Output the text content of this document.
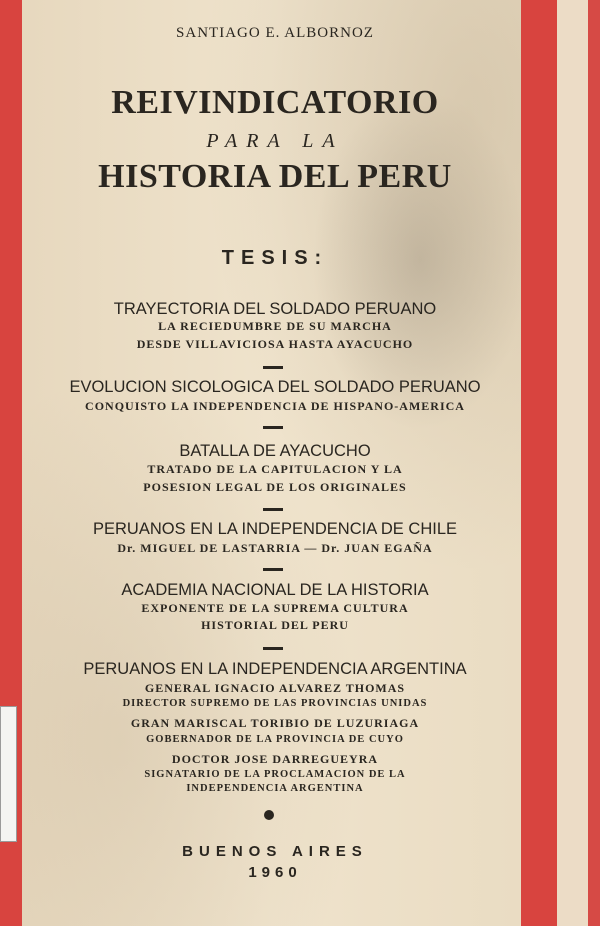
SANTIAGO E. ALBORNOZ
REIVINDICATORIO
PARA LA
HISTORIA DEL PERU
TESIS:
TRAYECTORIA DEL SOLDADO PERUANO
LA RECIEDUMBRE DE SU MARCHA
DESDE VILLAVICIOSA HASTA AYACUCHO
EVOLUCION SICOLOGICA DEL SOLDADO PERUANO
CONQUISTO LA INDEPENDENCIA DE HISPANO-AMERICA
BATALLA DE AYACUCHO
TRATADO DE LA CAPITULACION Y LA
POSESION LEGAL DE LOS ORIGINALES
PERUANOS EN LA INDEPENDENCIA DE CHILE
Dr. MIGUEL DE LASTARRIA — Dr. JUAN EGAÑA
ACADEMIA NACIONAL DE LA HISTORIA
EXPONENTE DE LA SUPREMA CULTURA
HISTORIAL DEL PERU
PERUANOS EN LA INDEPENDENCIA ARGENTINA
GENERAL IGNACIO ALVAREZ THOMAS
DIRECTOR SUPREMO DE LAS PROVINCIAS UNIDAS
GRAN MARISCAL TORIBIO DE LUZURIAGA
GOBERNADOR DE LA PROVINCIA DE CUYO
DOCTOR JOSE DARREGUEYRA
SIGNATARIO DE LA PROCLAMACION DE LA
INDEPENDENCIA ARGENTINA
BUENOS AIRES
1960
